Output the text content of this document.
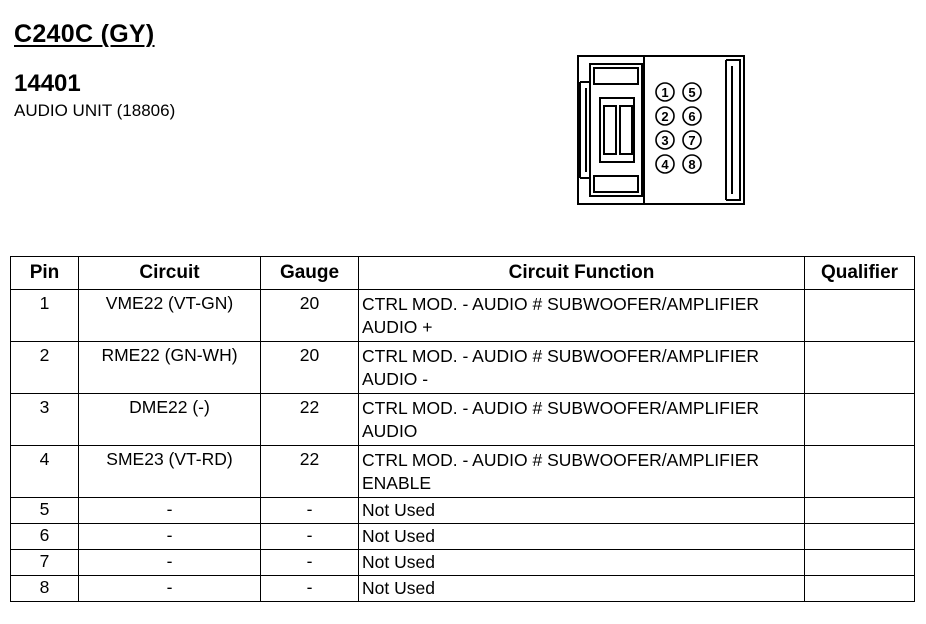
C240C (GY)
14401
AUDIO UNIT (18806)
1 5
2 6
3 7
4 8
Pin	Circuit	Gauge	Circuit Function	Qualifier
1	VME22 (VT-GN)	20	CTRL MOD. - AUDIO # SUBWOOFER/AMPLIFIER AUDIO +	
2	RME22 (GN-WH)	20	CTRL MOD. - AUDIO # SUBWOOFER/AMPLIFIER AUDIO -	
3	DME22 (-)	22	CTRL MOD. - AUDIO # SUBWOOFER/AMPLIFIER AUDIO	
4	SME23 (VT-RD)	22	CTRL MOD. - AUDIO # SUBWOOFER/AMPLIFIER ENABLE	
5	-	-	Not Used	
6	-	-	Not Used	
7	-	-	Not Used	
8	-	-	Not Used	
